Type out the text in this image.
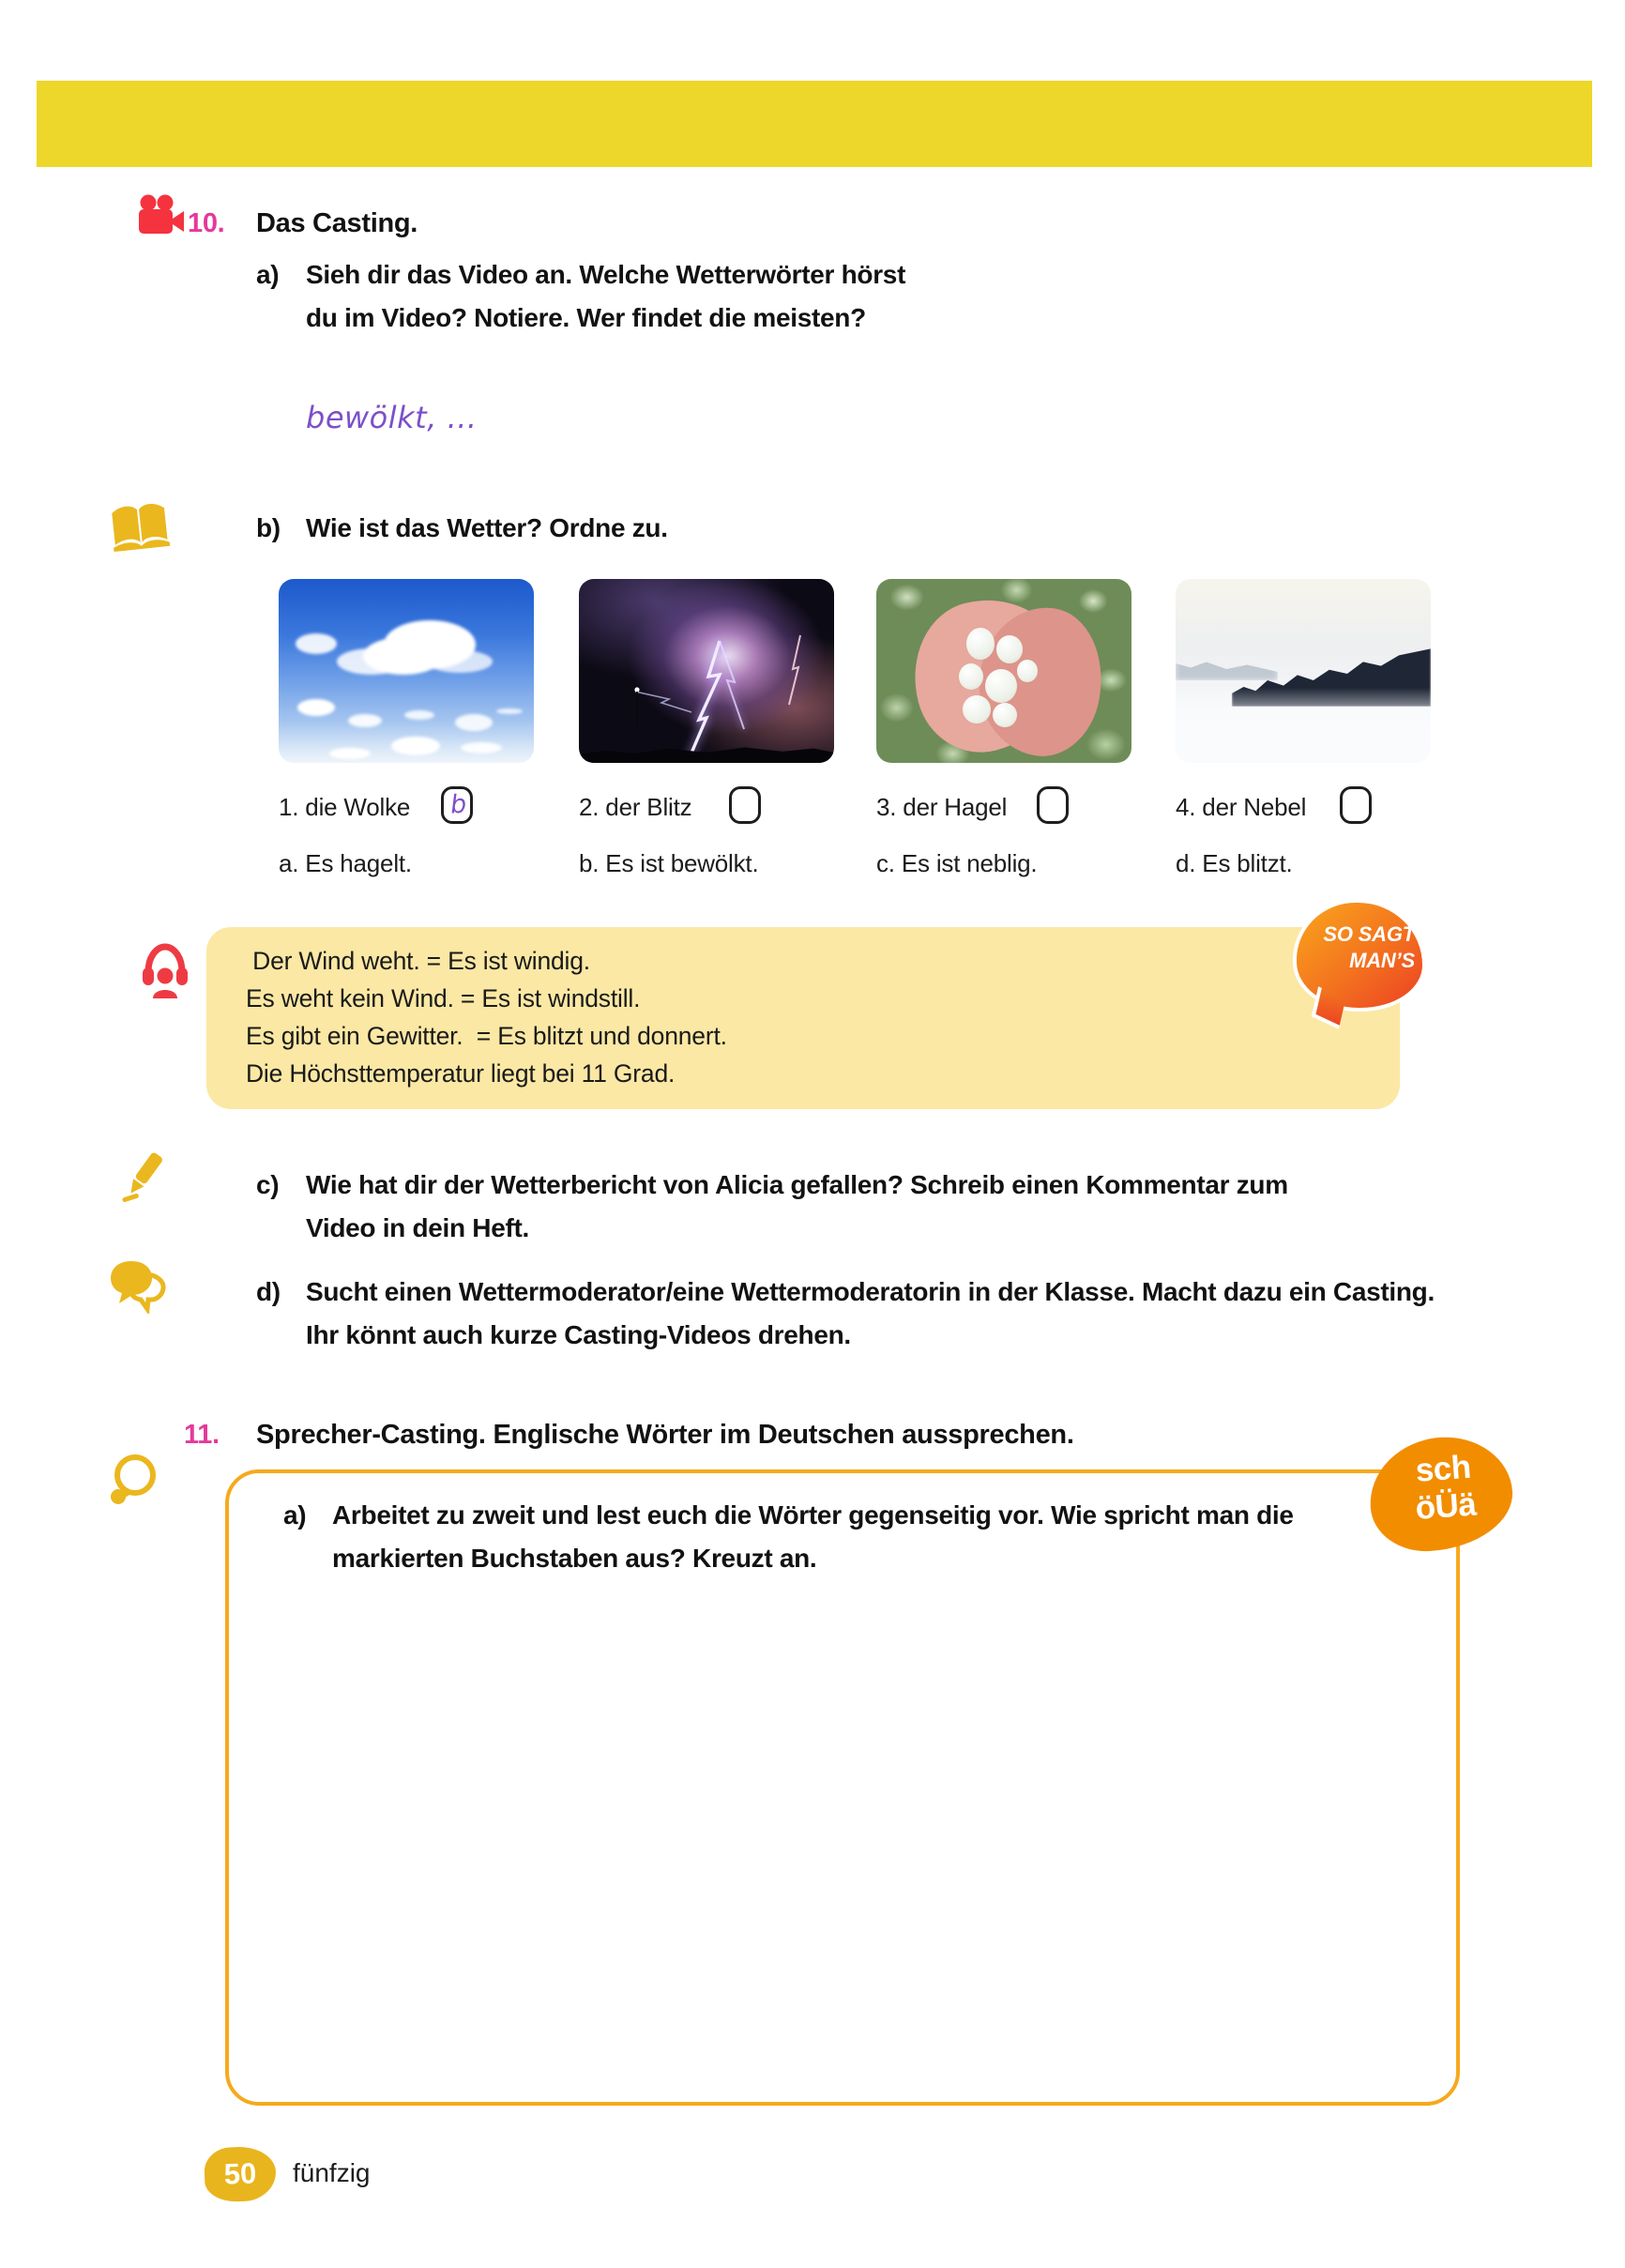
10. Das Casting.
a) Sieh dir das Video an. Welche Wetterwörter hörst
du im Video? Notiere. Wer findet die meisten?
bewölkt, ...
b) Wie ist das Wetter? Ordne zu.
1. die Wolke b	2. der Blitz	3. der Hagel	4. der Nebel
a. Es hagelt.	b. Es ist bewölkt.	c. Es ist neblig.	d. Es blitzt.
Der Wind weht. = Es ist windig.
Es weht kein Wind. = Es ist windstill.
Es gibt ein Gewitter.  = Es blitzt und donnert.
Die Höchsttemperatur liegt bei 11 Grad.
SO SAGT
MAN’S
c) Wie hat dir der Wetterbericht von Alicia gefallen? Schreib einen Kommentar zum
Video in dein Heft.
d) Sucht einen Wettermoderator/eine Wettermoderatorin in der Klasse. Macht dazu ein Casting.
Ihr könnt auch kurze Casting-Videos drehen.
11. Sprecher-Casting. Englische Wörter im Deutschen aussprechen.
sch
öÜä
a) Arbeitet zu zweit und lest euch die Wörter gegenseitig vor. Wie spricht man die
markierten Buchstaben aus? Kreuzt an.
50 fünfzig
